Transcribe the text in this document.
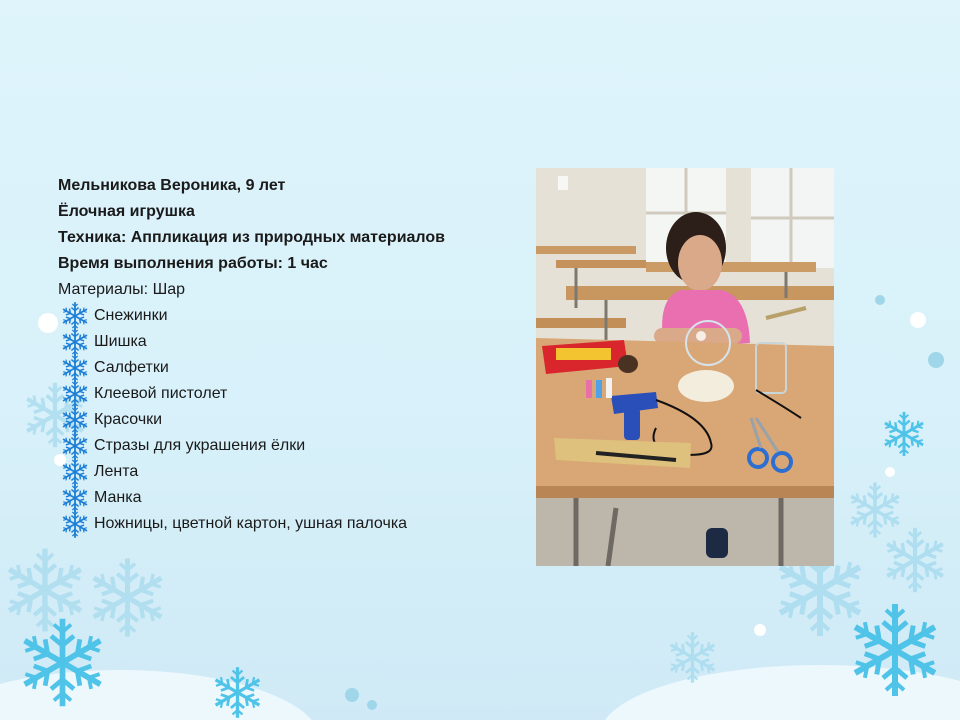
Мельникова Вероника, 9 лет
Ёлочная игрушка
Техника: Аппликация из природных материалов
Время выполнения работы: 1 час
Материалы: Шар
Снежинки
Шишка
Салфетки
Клеевой пистолет
Красочки
Стразы для украшения ёлки
Лента
Манка
Ножницы, цветной картон, ушная палочка
